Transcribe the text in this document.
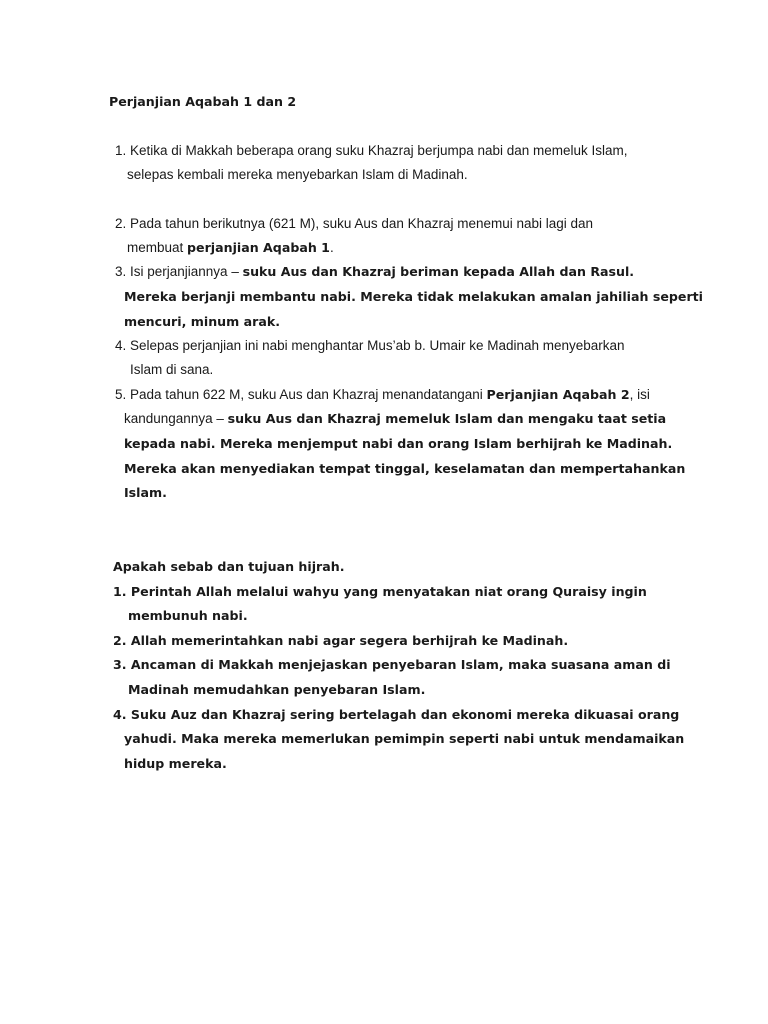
Perjanjian Aqabah 1 dan 2
1. Ketika di Makkah beberapa orang suku Khazraj berjumpa nabi dan memeluk Islam,
selepas kembali mereka menyebarkan Islam di Madinah.
2. Pada tahun berikutnya (621 M), suku Aus dan Khazraj menemui nabi lagi dan
membuat perjanjian Aqabah 1.
3. Isi perjanjiannya – suku Aus dan Khazraj beriman kepada Allah dan Rasul.
Mereka berjanji membantu nabi. Mereka tidak melakukan amalan jahiliah seperti
mencuri, minum arak.
4. Selepas perjanjian ini nabi menghantar Mus’ab b. Umair ke Madinah menyebarkan
Islam di sana.
5. Pada tahun 622 M, suku Aus dan Khazraj menandatangani Perjanjian Aqabah 2, isi
kandungannya – suku Aus dan Khazraj memeluk Islam dan mengaku taat setia
kepada nabi. Mereka menjemput nabi dan orang Islam berhijrah ke Madinah.
Mereka akan menyediakan tempat tinggal, keselamatan dan mempertahankan
Islam.
Apakah sebab dan tujuan hijrah.
1. Perintah Allah melalui wahyu yang menyatakan niat orang Quraisy ingin
membunuh nabi.
2. Allah memerintahkan nabi agar segera berhijrah ke Madinah.
3. Ancaman di Makkah menjejaskan penyebaran Islam, maka suasana aman di
Madinah memudahkan penyebaran Islam.
4. Suku Auz dan Khazraj sering bertelagah dan ekonomi mereka dikuasai orang
yahudi. Maka mereka memerlukan pemimpin seperti nabi untuk mendamaikan
hidup mereka.
